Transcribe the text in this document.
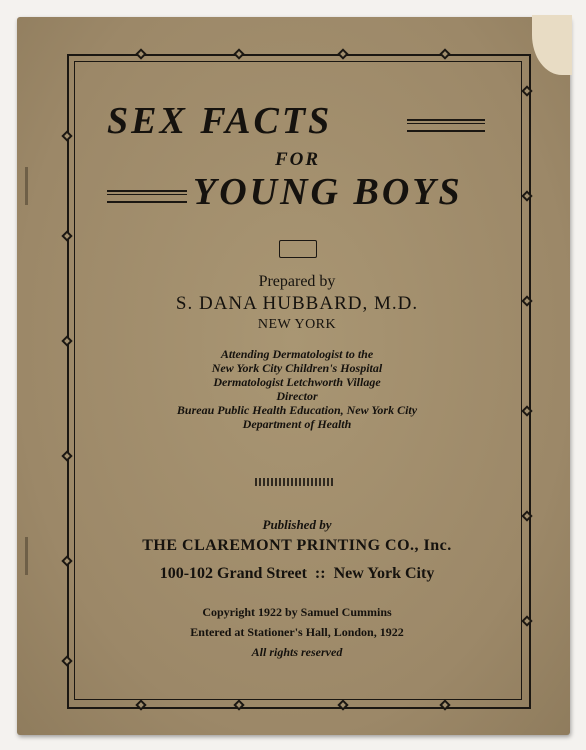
SEX FACTS
FOR
YOUNG BOYS
Prepared by
S. DANA HUBBARD, M.D.
NEW YORK
Attending Dermatologist to the
New York City Children's Hospital
Dermatologist Letchworth Village
Director
Bureau Public Health Education, New York City
Department of Health
Published by
THE CLAREMONT PRINTING CO., Inc.
100-102 Grand Street  ::  New York City
Copyright 1922 by Samuel Cummins
Entered at Stationer's Hall, London, 1922
All rights reserved
